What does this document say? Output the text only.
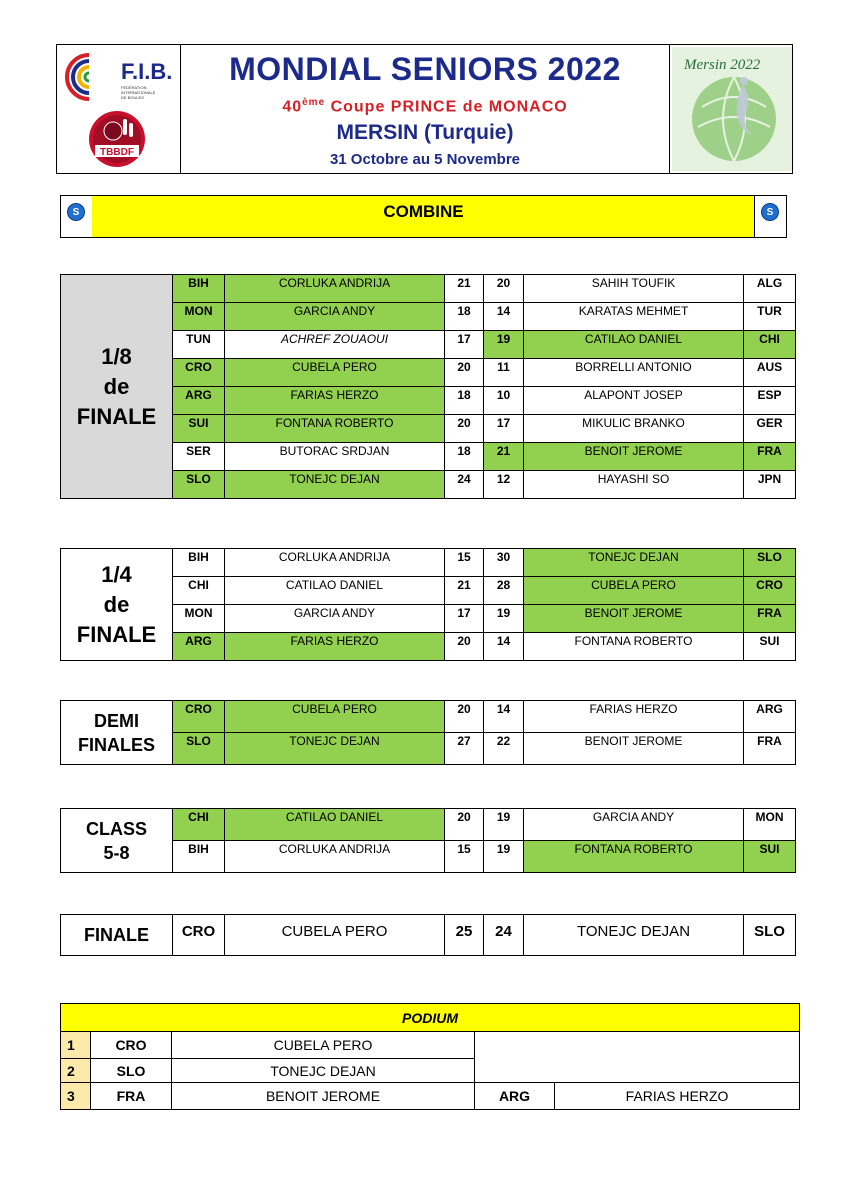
F.I.B.
FÉDÉRATION
INTERNATIONALE
DE BOULES
TBBDF
MONDIAL SENIORS 2022
40ème Coupe PRINCE de MONACO
MERSIN (Turquie)
31 Octobre au 5 Novembre
Mersin 2022
S	COMBINE	S
1/8
de
FINALE	BIH	CORLUKA ANDRIJA	21	20	SAHIH TOUFIK	ALG
	MON	GARCIA ANDY	18	14	KARATAS MEHMET	TUR
	TUN	ACHREF ZOUAOUI	17	19	CATILAO DANIEL	CHI
	CRO	CUBELA PERO	20	11	BORRELLI ANTONIO	AUS
	ARG	FARIAS HERZO	18	10	ALAPONT JOSEP	ESP
	SUI	FONTANA ROBERTO	20	17	MIKULIC BRANKO	GER
	SER	BUTORAC SRDJAN	18	21	BENOIT JEROME	FRA
	SLO	TONEJC DEJAN	24	12	HAYASHI SO	JPN
1/4
de
FINALE	BIH	CORLUKA ANDRIJA	15	30	TONEJC DEJAN	SLO
	CHI	CATILAO DANIEL	21	28	CUBELA PERO	CRO
	MON	GARCIA ANDY	17	19	BENOIT JEROME	FRA
	ARG	FARIAS HERZO	20	14	FONTANA ROBERTO	SUI
DEMI
FINALES	CRO	CUBELA PERO	20	14	FARIAS HERZO	ARG
	SLO	TONEJC DEJAN	27	22	BENOIT JEROME	FRA
CLASS
5-8	CHI	CATILAO DANIEL	20	19	GARCIA ANDY	MON
	BIH	CORLUKA ANDRIJA	15	19	FONTANA ROBERTO	SUI
FINALE	CRO	CUBELA PERO	25	24	TONEJC DEJAN	SLO
PODIUM				
1	CRO	CUBELA PERO		
2	SLO	TONEJC DEJAN		
3	FRA	BENOIT JEROME	ARG	FARIAS HERZO
